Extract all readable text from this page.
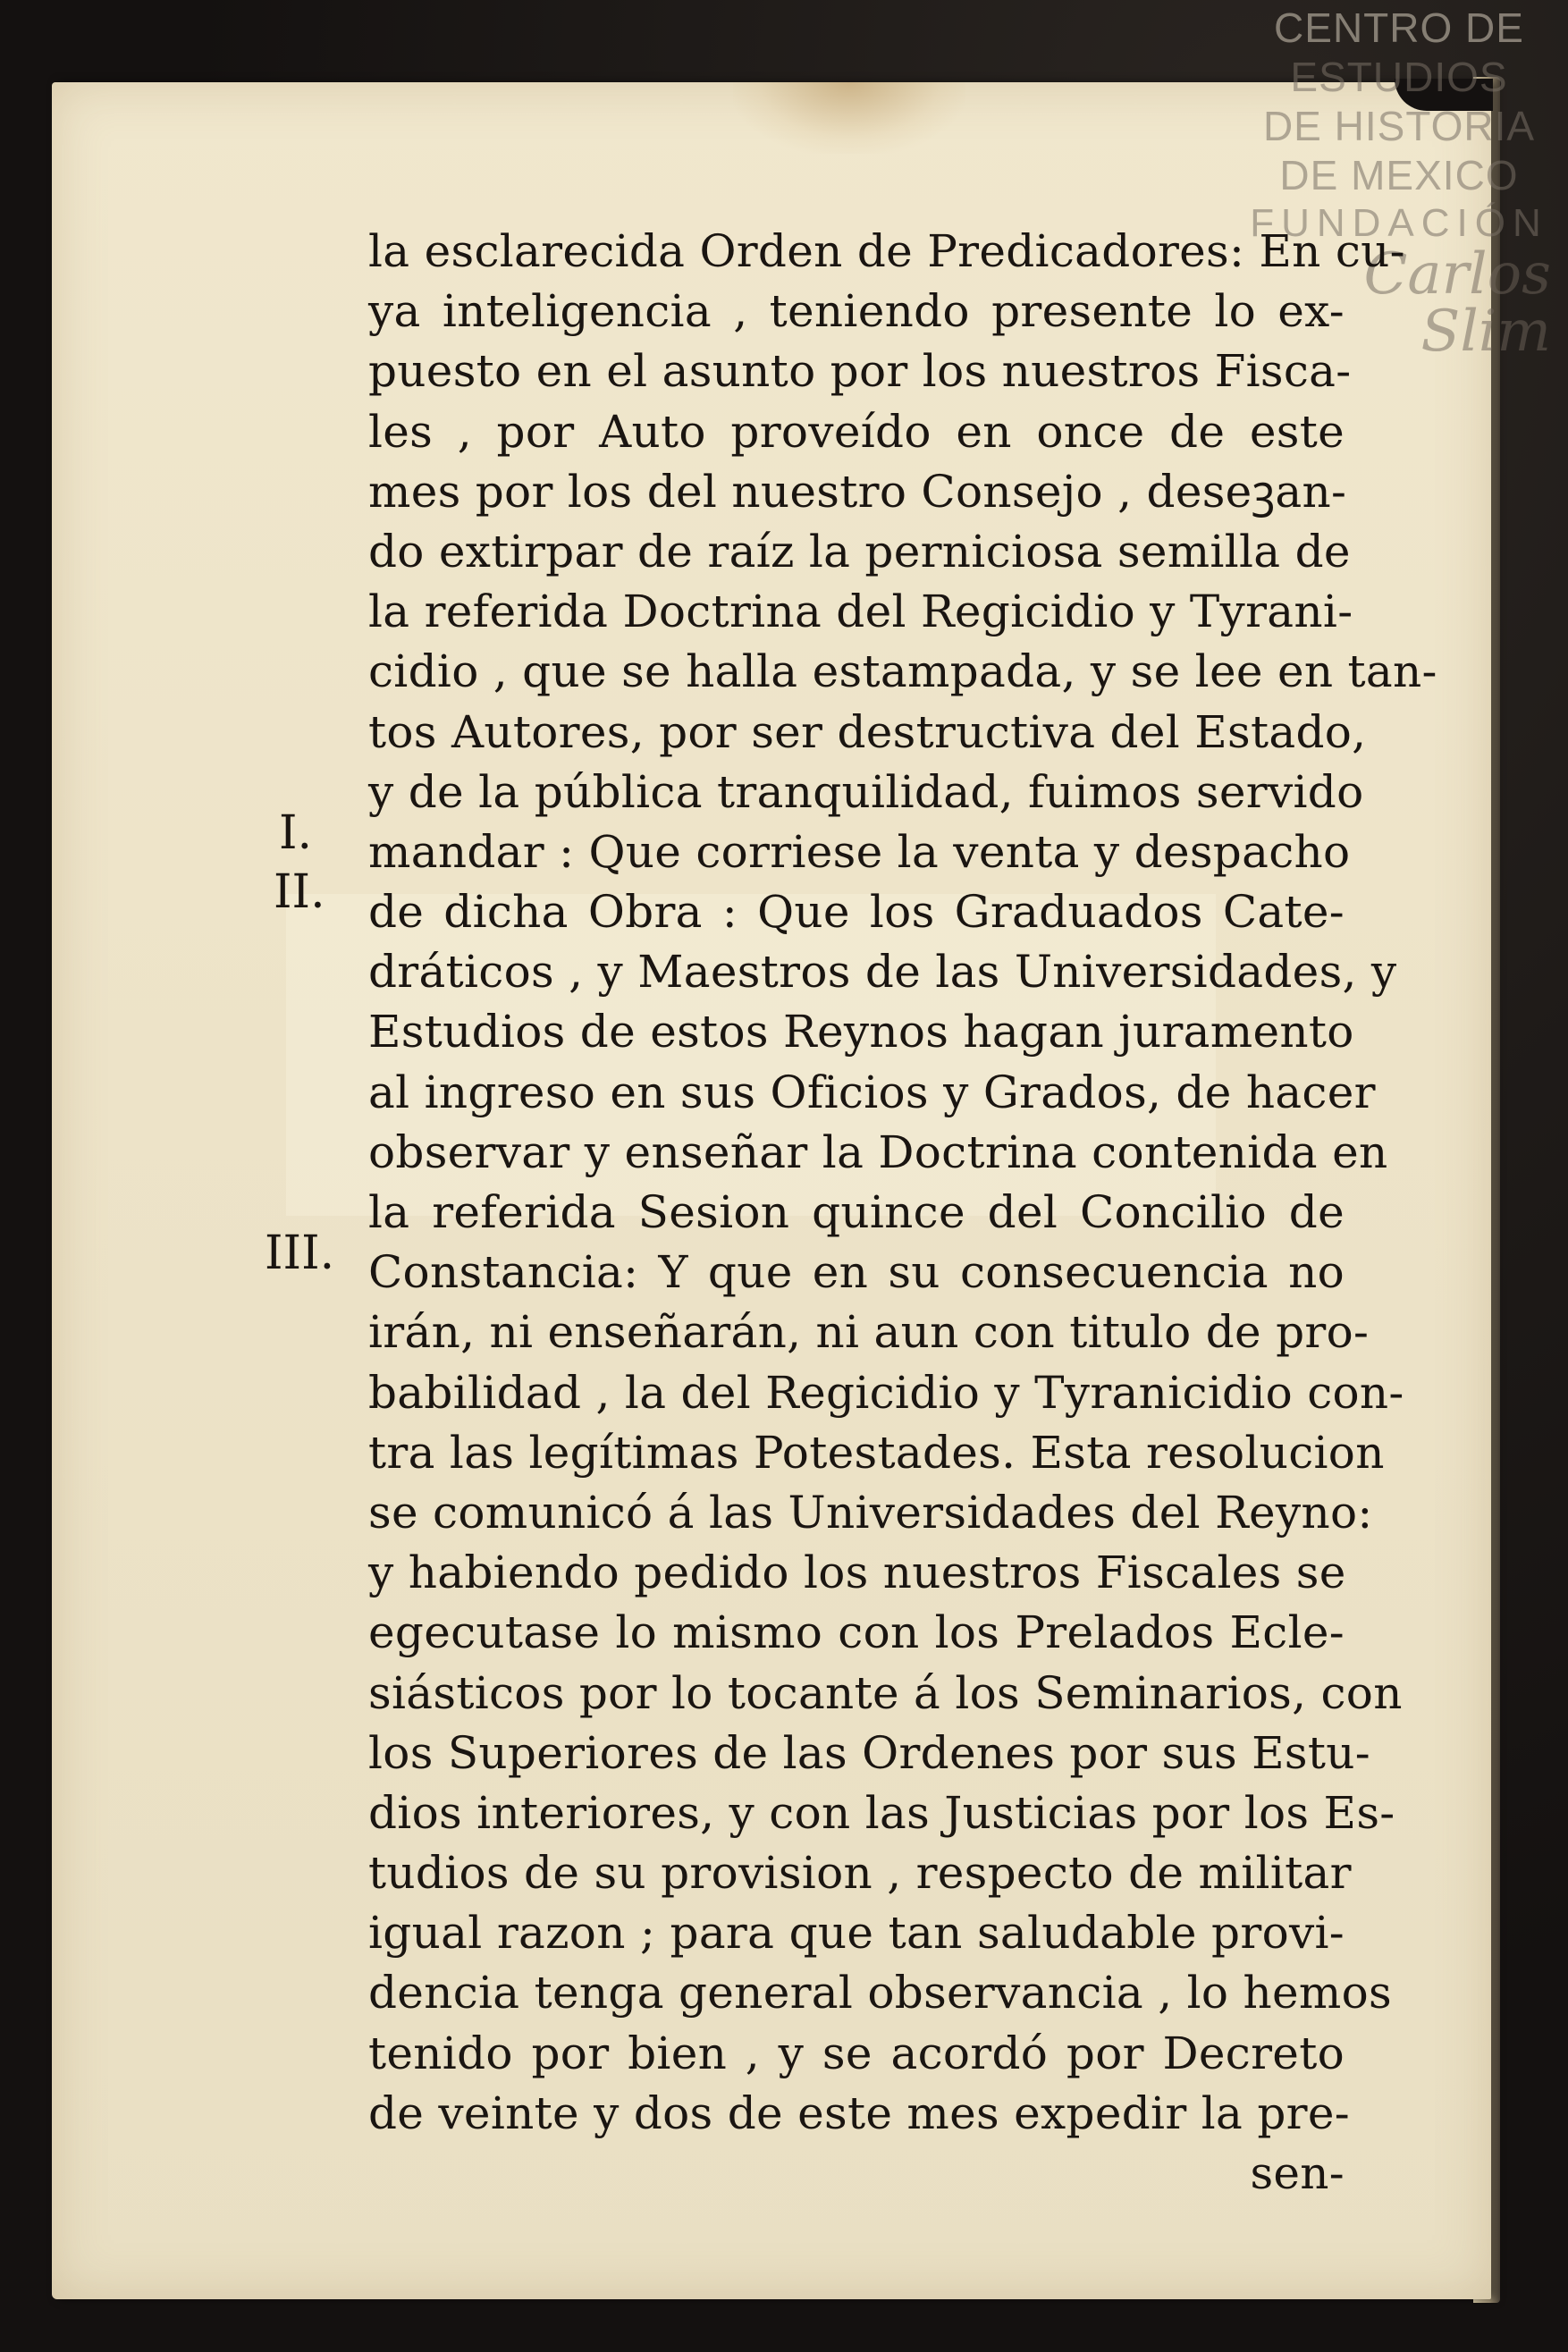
CENTRO DE
ESTUDIOS
DE HISTORIA
DE MEXICO
FUNDACIÓN
Carlos Slim
I.
II.
III.
la esclarecida Orden de Predicadores: En cu-
ya inteligencia , teniendo presente lo ex-
puesto en el asunto por los nuestros Fisca-
les , por Auto proveído en once de este
mes por los del nuestro Consejo , deseꝫan-
do extirpar de raíz la perniciosa semilla de
la referida Doctrina del Regicidio y Tyrani-
cidio , que se halla estampada, y se lee en tan-
tos Autores, por ser destructiva del Estado,
y de la pública tranquilidad, fuimos servido
mandar : Que corriese la venta y despacho
de dicha Obra : Que los Graduados Cate-
dráticos , y Maestros de las Universidades, y
Estudios de estos Reynos hagan juramento
al ingreso en sus Oficios y Grados, de hacer
observar y enseñar la Doctrina contenida en
la referida Sesion quince del Concilio de
Constancia: Y que en su consecuencia no
irán, ni enseñarán, ni aun con titulo de pro-
babilidad , la del Regicidio y Tyranicidio con-
tra las legítimas Potestades. Esta resolucion
se comunicó á las Universidades del Reyno:
y habiendo pedido los nuestros Fiscales se
egecutase lo mismo con los Prelados Ecle-
siásticos por lo tocante á los Seminarios, con
los Superiores de las Ordenes por sus Estu-
dios interiores, y con las Justicias por los Es-
tudios de su provision , respecto de militar
igual razon ; para que tan saludable provi-
dencia tenga general observancia , lo hemos
tenido por bien , y se acordó por Decreto
de veinte y dos de este mes expedir la pre-
sen-
